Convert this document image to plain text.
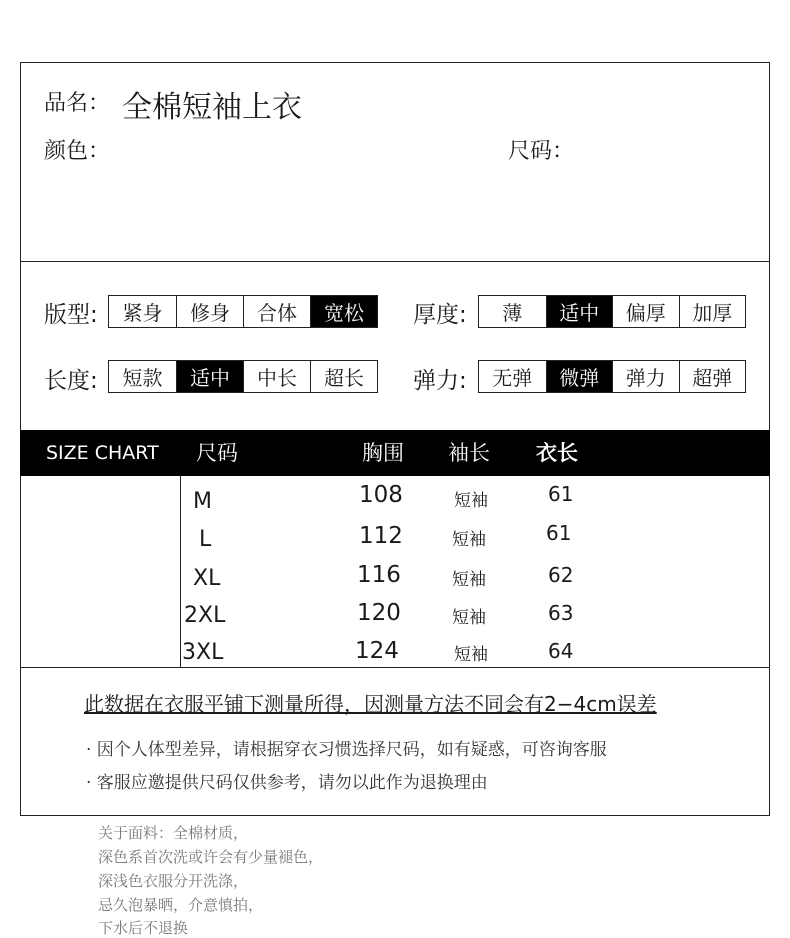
品名： 全棉短袖上衣
颜色：	尺码：
版型:	紧身	修身	合体	宽松	厚度:	薄	适中	偏厚	加厚
长度:	短款	适中	中长	超长	弹力:	无弹	微弹	弹力	超弹
SIZE CHART 尺码	胸围 袖长 衣长
M	108	短袖	61
L	112	短袖	61
XL	116	短袖	62
2XL	120	短袖	63
3XL	124	短袖	64
此数据在衣服平铺下测量所得，因测量方法不同会有2−4cm误差
· 因个人体型差异，请根据穿衣习惯选择尺码，如有疑惑，可咨询客服
· 客服应邀提供尺码仅供参考，请勿以此作为退换理由
关于面料：全棉材质，
深色系首次洗或许会有少量褪色，
深浅色衣服分开洗涤，
忌久泡暴晒，介意慎拍，
下水后不退换
